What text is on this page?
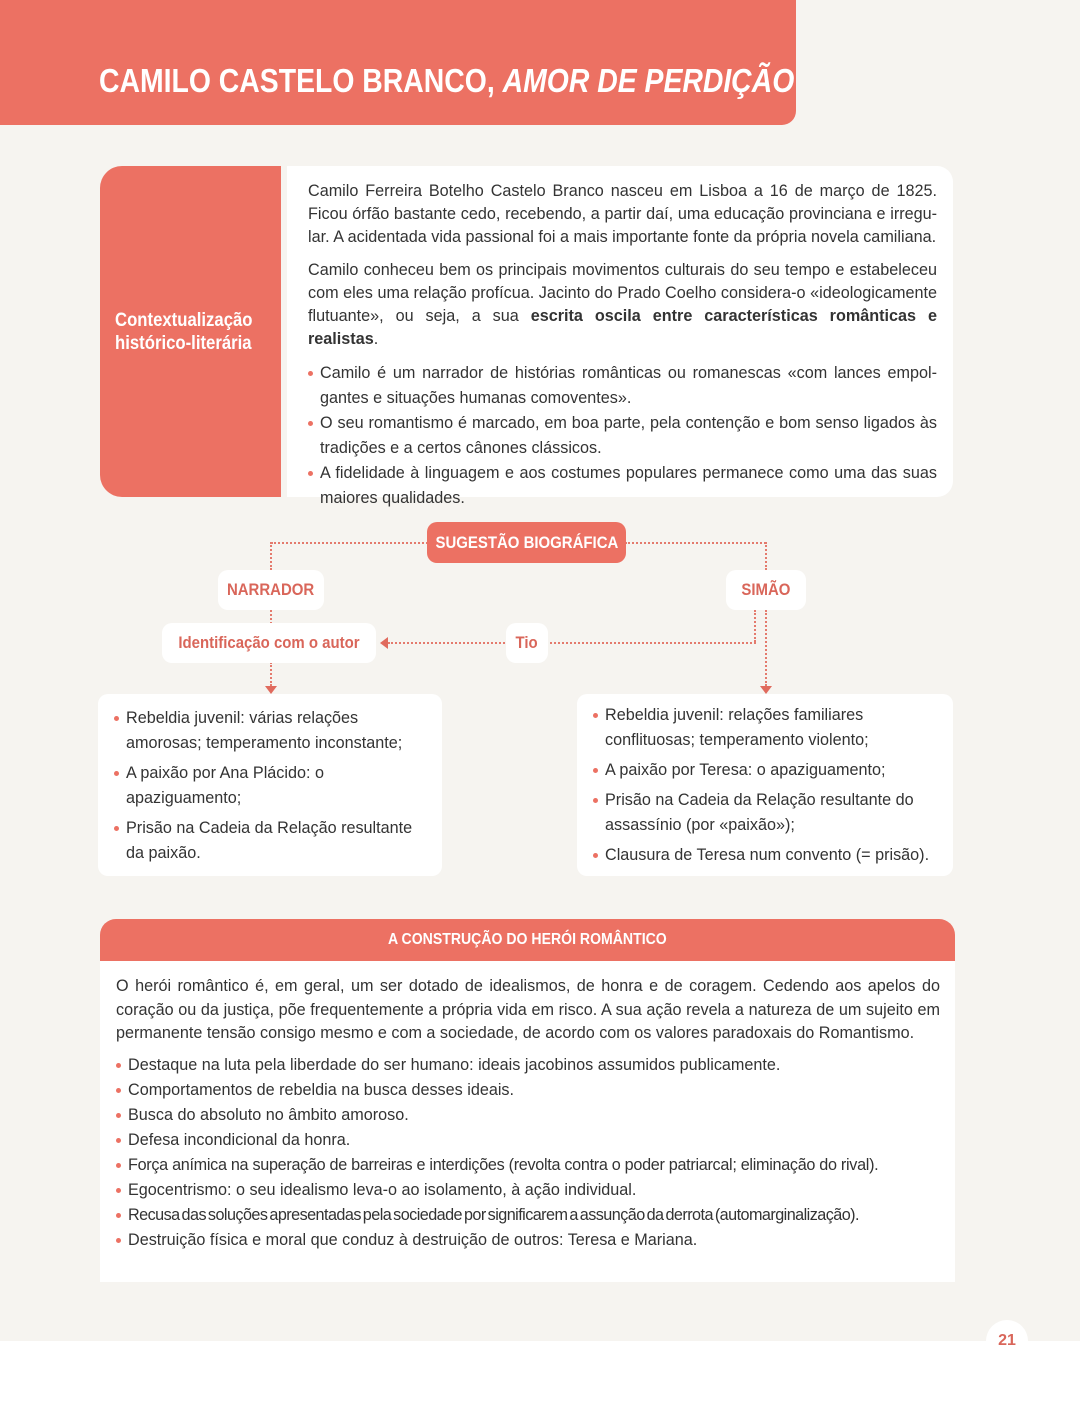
CAMILO CASTELO BRANCO, AMOR DE PERDIÇÃO
Contextualização
histórico-literária

Camilo Ferreira Botelho Castelo Branco nasceu em Lisboa a 16 de março de 1825. Ficou órfão bastante cedo, recebendo, a partir daí, uma educação provinciana e irregular. A acidentada vida passional foi a mais importante fonte da própria novela camiliana.

Camilo conheceu bem os principais movimentos culturais do seu tempo e estabeleceu com eles uma relação profícua. Jacinto do Prado Coelho considera-o «ideologicamente flutuante», ou seja, a sua escrita oscila entre características românticas e realistas.

Camilo é um narrador de histórias românticas ou romanescas «com lances empolgantes e situações humanas comoventes».
O seu romantismo é marcado, em boa parte, pela contenção e bom senso ligados às tradições e a certos cânones clássicos.
A fidelidade à linguagem e aos costumes populares permanece como uma das suas maiores qualidades.
SUGESTÃO BIOGRÁFICA
NARRADOR	SIMÃO
Identificação com o autor	Tio
Rebeldia juvenil: várias relações amorosas; temperamento inconstante;
A paixão por Ana Plácido: o apaziguamento;
Prisão na Cadeia da Relação resultante da paixão.
Rebeldia juvenil: relações familiares conflituosas; temperamento violento;
A paixão por Teresa: o apaziguamento;
Prisão na Cadeia da Relação resultante do assassínio (por «paixão»);
Clausura de Teresa num convento (= prisão).
A CONSTRUÇÃO DO HERÓI ROMÂNTICO

O herói romântico é, em geral, um ser dotado de idealismos, de honra e de coragem. Cedendo aos apelos do coração ou da justiça, põe frequentemente a própria vida em risco. A sua ação revela a natureza de um sujeito em permanente tensão consigo mesmo e com a sociedade, de acordo com os valores paradoxais do Romantismo.

Destaque na luta pela liberdade do ser humano: ideais jacobinos assumidos publicamente.
Comportamentos de rebeldia na busca desses ideais.
Busca do absoluto no âmbito amoroso.
Defesa incondicional da honra.
Força anímica na superação de barreiras e interdições (revolta contra o poder patriarcal; eliminação do rival).
Egocentrismo: o seu idealismo leva-o ao isolamento, à ação individual.
Recusa das soluções apresentadas pela sociedade por significarem a assunção da derrota (automarginalização).
Destruição física e moral que conduz à destruição de outros: Teresa e Mariana.
21
